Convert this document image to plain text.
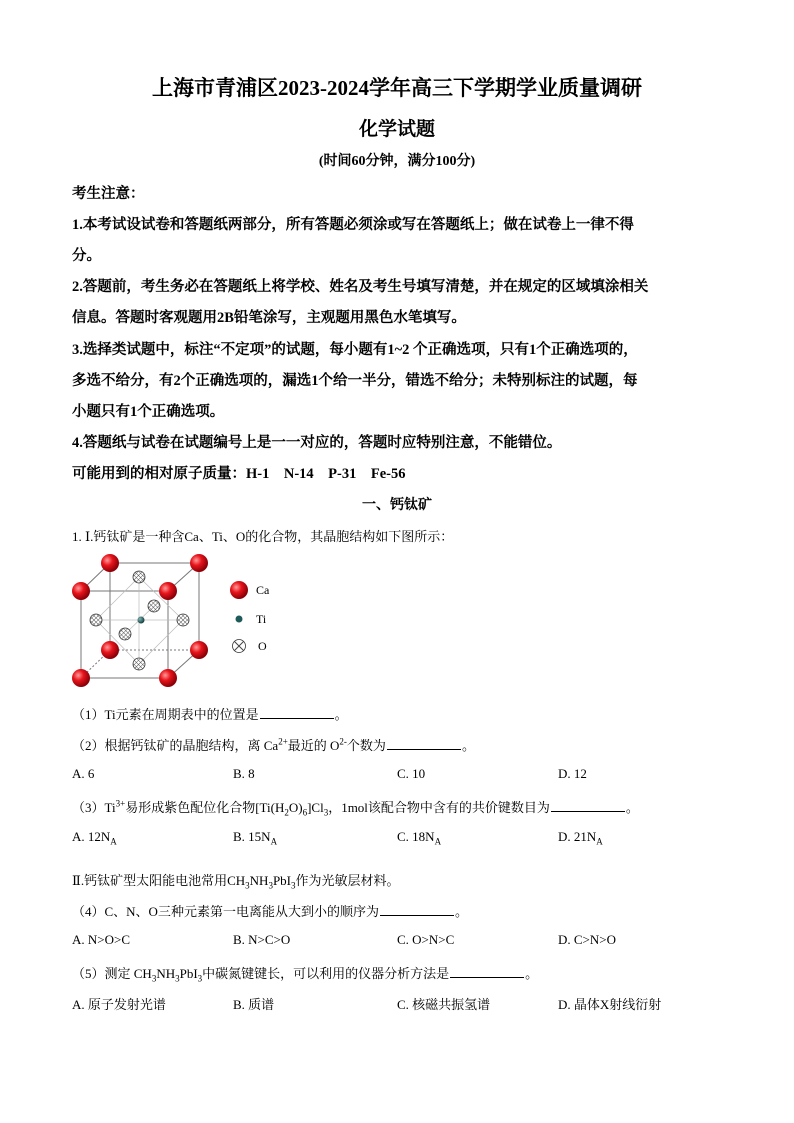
上海市青浦区2023-2024学年高三下学期学业质量调研
化学试题
(时间60分钟，满分100分)
考生注意：
1.本考试设试卷和答题纸两部分，所有答题必须涂或写在答题纸上；做在试卷上一律不得
分。
2.答题前，考生务必在答题纸上将学校、姓名及考生号填写清楚，并在规定的区域填涂相关
信息。答题时客观题用2B铅笔涂写，主观题用黑色水笔填写。
3.选择类试题中，标注“不定项”的试题，每小题有1~2 个正确选项，只有1个正确选项的，
多选不给分，有2个正确选项的，漏选1个给一半分，错选不给分；未特别标注的试题，每
小题只有1个正确选项。
4.答题纸与试卷在试题编号上是一一对应的，答题时应特别注意，不能错位。
可能用到的相对原子质量：H-1    N-14    P-31    Fe-56
一、钙钛矿
1. Ⅰ.钙钛矿是一种含Ca、Ti、O的化合物，其晶胞结构如下图所示：
Ca
Ti
O
（1）Ti元素在周期表中的位置是	。
（2）根据钙钛矿的晶胞结构，离 $Ca^{2+}$最近的 $O^{2-}$个数为	。
A. 6	B. 8	C. 10	D. 12
$(3)Ti^{3+}$易形成紫色配位化合物$[Ti(H_2O)_6]Cl_3$，1mol该配合物中含有的共价键数目为	。
A. $12N_A$	B. $15N_A$	C. $18N_A$	D. $21N_A$
Ⅱ.钙钛矿型太阳能电池常用$CH_3NH_3PbI_3$作为光敏层材料。
（4）C、N、O三种元素第一电离能从大到小的顺序为	。
A. N>O>C	B. N>C>O	C. O>N>C	D. C>N>O
（5）测定 $CH_3NH_3PbI_3$中碳氮键键长，可以利用的仪器分析方法是	。
A. 原子发射光谱	B. 质谱	C. 核磁共振氢谱	D. 晶体X射线衍射
